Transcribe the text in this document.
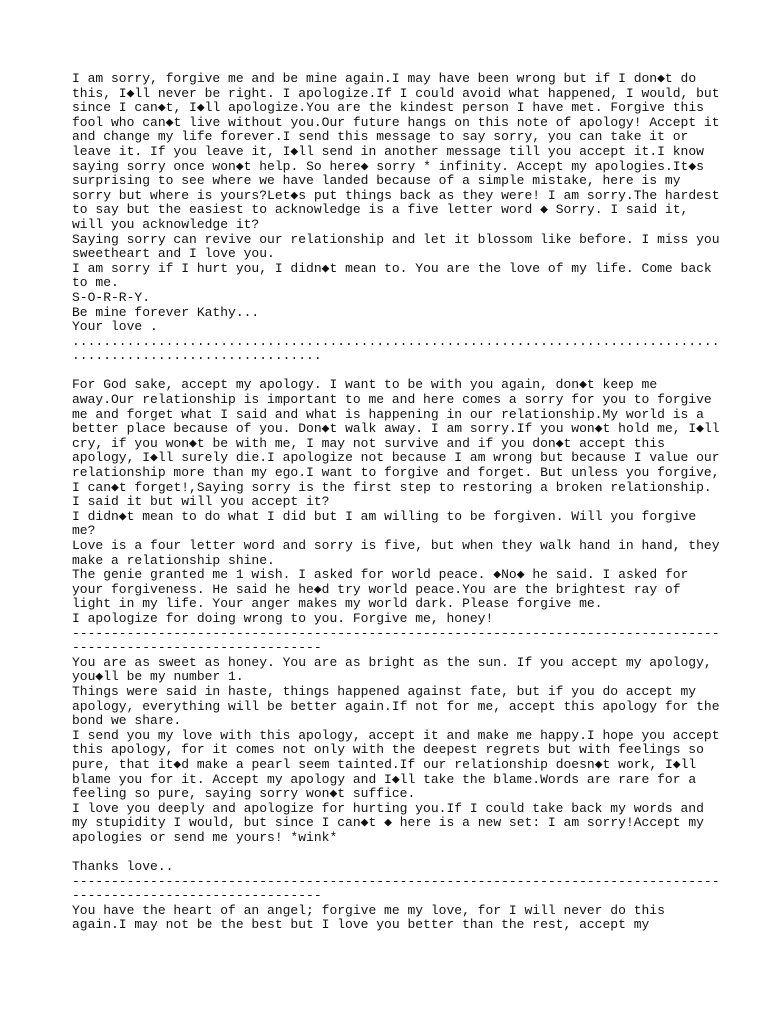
I am sorry, forgive me and be mine again.I may have been wrong but if I don◆t do
this, I◆ll never be right. I apologize.If I could avoid what happened, I would, but
since I can◆t, I◆ll apologize.You are the kindest person I have met. Forgive this
fool who can◆t live without you.Our future hangs on this note of apology! Accept it
and change my life forever.I send this message to say sorry, you can take it or
leave it. If you leave it, I◆ll send in another message till you accept it.I know
saying sorry once won◆t help. So here◆ sorry * infinity. Accept my apologies.It◆s
surprising to see where we have landed because of a simple mistake, here is my
sorry but where is yours?Let◆s put things back as they were! I am sorry.The hardest
to say but the easiest to acknowledge is a five letter word ◆ Sorry. I said it,
will you acknowledge it?
Saying sorry can revive our relationship and let it blossom like before. I miss you
sweetheart and I love you.
I am sorry if I hurt you, I didn◆t mean to. You are the love of my life. Come back
to me.
S-O-R-R-Y.
Be mine forever Kathy...
Your love .
...................................................................................
................................

For God sake, accept my apology. I want to be with you again, don◆t keep me
away.Our relationship is important to me and here comes a sorry for you to forgive
me and forget what I said and what is happening in our relationship.My world is a
better place because of you. Don◆t walk away. I am sorry.If you won◆t hold me, I◆ll
cry, if you won◆t be with me, I may not survive and if you don◆t accept this
apology, I◆ll surely die.I apologize not because I am wrong but because I value our
relationship more than my ego.I want to forgive and forget. But unless you forgive,
I can◆t forget!,Saying sorry is the first step to restoring a broken relationship.
I said it but will you accept it?
I didn◆t mean to do what I did but I am willing to be forgiven. Will you forgive
me?
Love is a four letter word and sorry is five, but when they walk hand in hand, they
make a relationship shine.
The genie granted me 1 wish. I asked for world peace. ◆No◆ he said. I asked for
your forgiveness. He said he he◆d try world peace.You are the brightest ray of
light in my life. Your anger makes my world dark. Please forgive me.
I apologize for doing wrong to you. Forgive me, honey!
-----------------------------------------------------------------------------------
--------------------------------
You are as sweet as honey. You are as bright as the sun. If you accept my apology,
you◆ll be my number 1.
Things were said in haste, things happened against fate, but if you do accept my
apology, everything will be better again.If not for me, accept this apology for the
bond we share.
I send you my love with this apology, accept it and make me happy.I hope you accept
this apology, for it comes not only with the deepest regrets but with feelings so
pure, that it◆d make a pearl seem tainted.If our relationship doesn◆t work, I◆ll
blame you for it. Accept my apology and I◆ll take the blame.Words are rare for a
feeling so pure, saying sorry won◆t suffice.
I love you deeply and apologize for hurting you.If I could take back my words and
my stupidity I would, but since I can◆t ◆ here is a new set: I am sorry!Accept my
apologies or send me yours! *wink*

Thanks love..
-----------------------------------------------------------------------------------
--------------------------------
You have the heart of an angel; forgive me my love, for I will never do this
again.I may not be the best but I love you better than the rest, accept my
